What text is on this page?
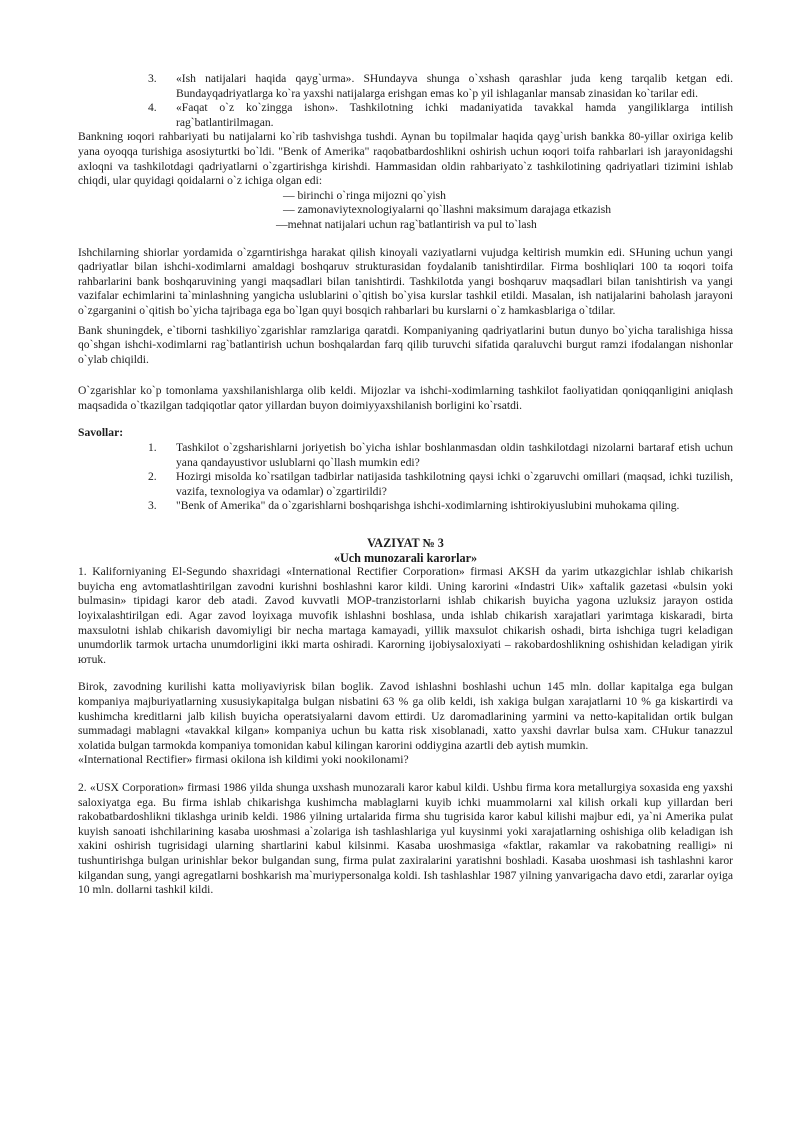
3.	«Ish natijalari haqida qayg`urma». SHundayva shunga o`xshash qarashlar juda keng tarqalib ketgan edi. Bundayqadriyatlarga ko`ra yaxshi natijalarga erishgan emas ko`p yil ishlaganlar mansab zinasidan ko`tarilar edi.
4.	«Faqat o`z ko`zingga ishon». Tashkilotning ichki madaniyatida tavakkal hamda yangiliklarga intilish rag`batlantirilmagan.

Bankning юqori rahbariyati bu natijalarni ko`rib tashvishga tushdi. Aynan bu topilmalar haqida qayg`urish bankka 80-yillar oxiriga kelib yana oyoqqa turishiga asosiyturtki bo`ldi. "Benk of Amerika" raqobatbardoshlikni oshirish uchun юqori toifa rahbarlari ish jarayonidagshi axloqni va tashkilotdagi qadriyatlarni o`zgartirishga kirishdi. Hammasidan oldin rahbariyato`z tashkilotining qadriyatlari tizimini ishlab chiqdi, ular quyidagi qoidalarni o`z ichiga olgan edi:

— birinchi o`ringa mijozni qo`yish
— zamonaviytexnologiyalarni qo`llashni maksimum darajaga etkazish
—mehnat natijalari uchun rag`batlantirish va pul to`lash

Ishchilarning shiorlar yordamida o`zgarntirishga harakat qilish kinoyali vaziyatlarni vujudga keltirish mumkin edi. SHuning uchun yangi qadriyatlar bilan ishchi-xodimlarni amaldagi boshqaruv strukturasidan foydalanib tanishtirdilar. Firma boshliqlari 100 ta юqori toifa rahbarlarini bank boshqaruvining yangi maqsadlari bilan tanishtirdi. Tashkilotda yangi boshqaruv maqsadlari bilan tanishtirish va yangi vazifalar echimlarini ta`minlashning yangicha uslublarini o`qitish bo`yisa kurslar tashkil etildi. Masalan, ish natijalarini baholash jarayoni o`zgarganini o`qitish bo`yicha tajribaga ega bo`lgan quyi bosqich rahbarlari bu kurslarni o`z hamkasblariga o`tdilar.

Bank shuningdek, e`tiborni tashkiliyo`zgarishlar ramzlariga qaratdi. Kompaniyaning qadriyatlarini butun dunyo bo`yicha taralishiga hissa qo`shgan ishchi-xodimlarni rag`batlantirish uchun boshqalardan farq qilib turuvchi sifatida qaraluvchi burgut ramzi ifodalangan nishonlar o`ylab chiqildi.

O`zgarishlar ko`p tomonlama yaxshilanishlarga olib keldi. Mijozlar va ishchi-xodimlarning tashkilot faoliyatidan qoniqqanligini aniqlash maqsadida o`tkazilgan tadqiqotlar qator yillardan buyon doimiyyaxshilanish borligini ko`rsatdi.

Savollar:

1.	Tashkilot o`zgsharishlarni joriyetish bo`yicha ishlar boshlanmasdan oldin tashkilotdagi nizolarni bartaraf etish uchun yana qandayustivor uslublarni qo`llash mumkin edi?
2.	Hozirgi misolda ko`rsatilgan tadbirlar natijasida tashkilotning qaysi ichki o`zgaruvchi omillari (maqsad, ichki tuzilish, vazifa, texnologiya va odamlar) o`zgartirildi?
3.	"Benk of Amerika" da o`zgarishlarni boshqarishga ishchi-xodimlarning ishtirokiyuslubini muhokama qiling.

VAZIYAT № 3

«Uch munozarali karorlar»

1. Kaliforniyaning El-Segundo shaxridagi «International Rectifier Corporation» firmasi AKSH da yarim utkazgichlar ishlab chikarish buyicha eng avtomatlashtirilgan zavodni kurishni boshlashni karor kildi. Uning karorini «Indastri Uik» xaftalik gazetasi «bulsin yoki bulmasin» tipidagi karor deb atadi. Zavod kuvvatli MOP-tranzistorlarni ishlab chikarish buyicha yagona uzluksiz jarayon ostida loyixalashtirilgan edi. Agar zavod loyixaga muvofik ishlashni boshlasa, unda ishlab chikarish xarajatlari yarimtaga kiskaradi, birta maxsulotni ishlab chikarish davomiyligi bir necha martaga kamayadi, yillik maxsulot chikarish oshadi, birta ishchiga tugri keladigan unumdorlik tarmok urtacha unumdorligini ikki marta oshiradi. Karorning ijobiysaloxiyati – rakobardoshlikning oshishidan keladigan yirik ютuk.

Birok, zavodning kurilishi katta moliyaviyrisk bilan boglik. Zavod ishlashni boshlashi uchun 145 mln. dollar kapitalga ega bulgan kompaniya majburiyatlarning xususiykapitalga bulgan nisbatini 63 % ga olib keldi, ish xakiga bulgan xarajatlarni 10 % ga kiskartirdi va kushimcha kreditlarni jalb kilish buyicha operatsiyalarni davom ettirdi. Uz daromadlarining yarmini va netto-kapitalidan ortik bulgan summadagi mablagni «tavakkal kilgan» kompaniya uchun bu katta risk xisoblanadi, xatto yaxshi davrlar bulsa xam. CHukur tanazzul xolatida bulgan tarmokda kompaniya tomonidan kabul kilingan karorini oddiygina azartli deb aytish mumkin.

«International Rectifier» firmasi okilona ish kildimi yoki nookilonami?

2. «USX Corporation» firmasi 1986 yilda shunga uxshash munozarali karor kabul kildi. Ushbu firma kora metallurgiya soxasida eng yaxshi saloxiyatga ega. Bu firma ishlab chikarishga kushimcha mablaglarni kuyib ichki muammolarni xal kilish orkali kup yillardan beri rakobatbardoshlikni tiklashga urinib keldi. 1986 yilning urtalarida firma shu tugrisida karor kabul kilishi majbur edi, ya`ni Amerika pulat kuyish sanoati ishchilarining kasaba uюshmasi a`zolariga ish tashlashlariga yul kuysinmi yoki xarajatlarning oshishiga olib keladigan ish xakini oshirish tugrisidagi ularning shartlarini kabul kilsinmi. Kasaba uюshmasiga «faktlar, rakamlar va rakobatning realligi» ni tushuntirishga bulgan urinishlar bekor bulgandan sung, firma pulat zaxiralarini yaratishni boshladi. Kasaba uюshmasi ish tashlashni karor kilgandan sung, yangi agregatlarni boshkarish ma`muriypersonalga koldi. Ish tashlashlar 1987 yilning yanvarigacha davo etdi, zararlar oyiga 10 mln. dollarni tashkil kildi.
